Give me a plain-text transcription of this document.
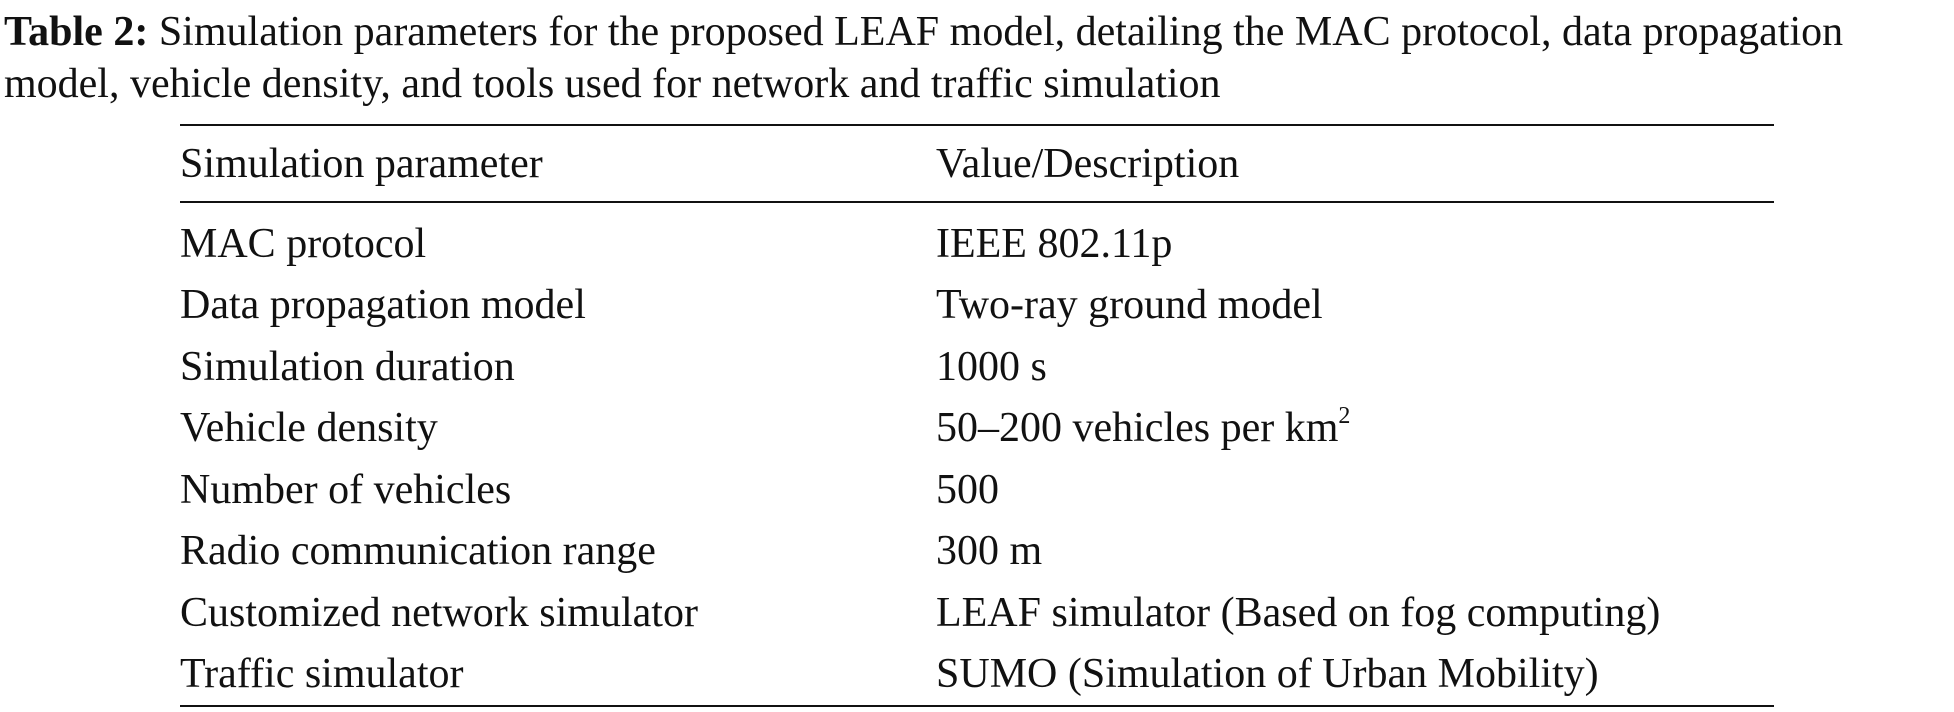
Table 2: Simulation parameters for the proposed LEAF model, detailing the MAC protocol, data propagation model, vehicle density, and tools used for network and traffic simulation

Simulation parameter	Value/Description
MAC protocol	IEEE 802.11p
Data propagation model	Two-ray ground model
Simulation duration	1000 s
Vehicle density	50–200 vehicles per $km^2$
Number of vehicles	500
Radio communication range	300 m
Customized network simulator	LEAF simulator (Based on fog computing)
Traffic simulator	SUMO (Simulation of Urban Mobility)
